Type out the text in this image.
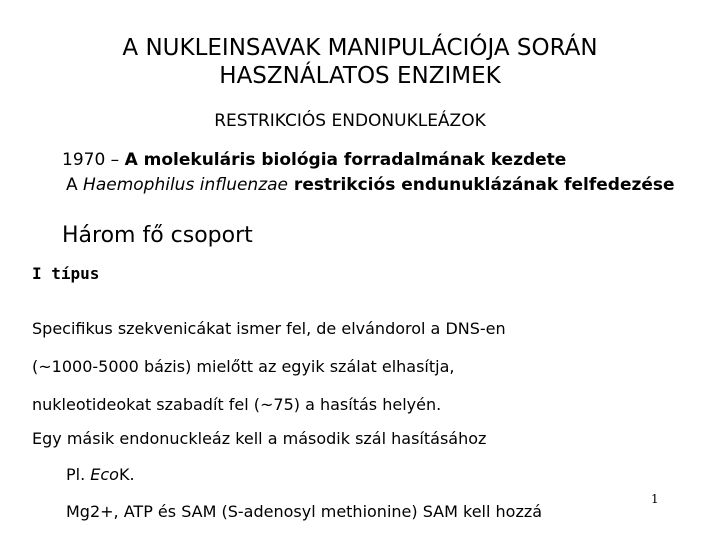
A NUKLEINSAVAK MANIPULÁCIÓJA SORÁN
HASZNÁLATOS ENZIMEK
RESTRIKCIÓS ENDONUKLEÁZOK
1970 – A molekuláris biológia forradalmának kezdete
A Haemophilus influenzae restrikciós endunuklázának felfedezése
Három fő csoport
I típus
Specifikus szekvenicákat ismer fel, de elvándorol a DNS-en
(~1000-5000 bázis) mielőtt az egyik szálat elhasítja,
nukleotideokat szabadít fel (~75) a hasítás helyén.
Egy másik endonuckleáz kell a második szál hasításához
Pl. EcoK.
Mg2+, ATP és SAM (S-adenosyl methionine) SAM kell hozzá
1
